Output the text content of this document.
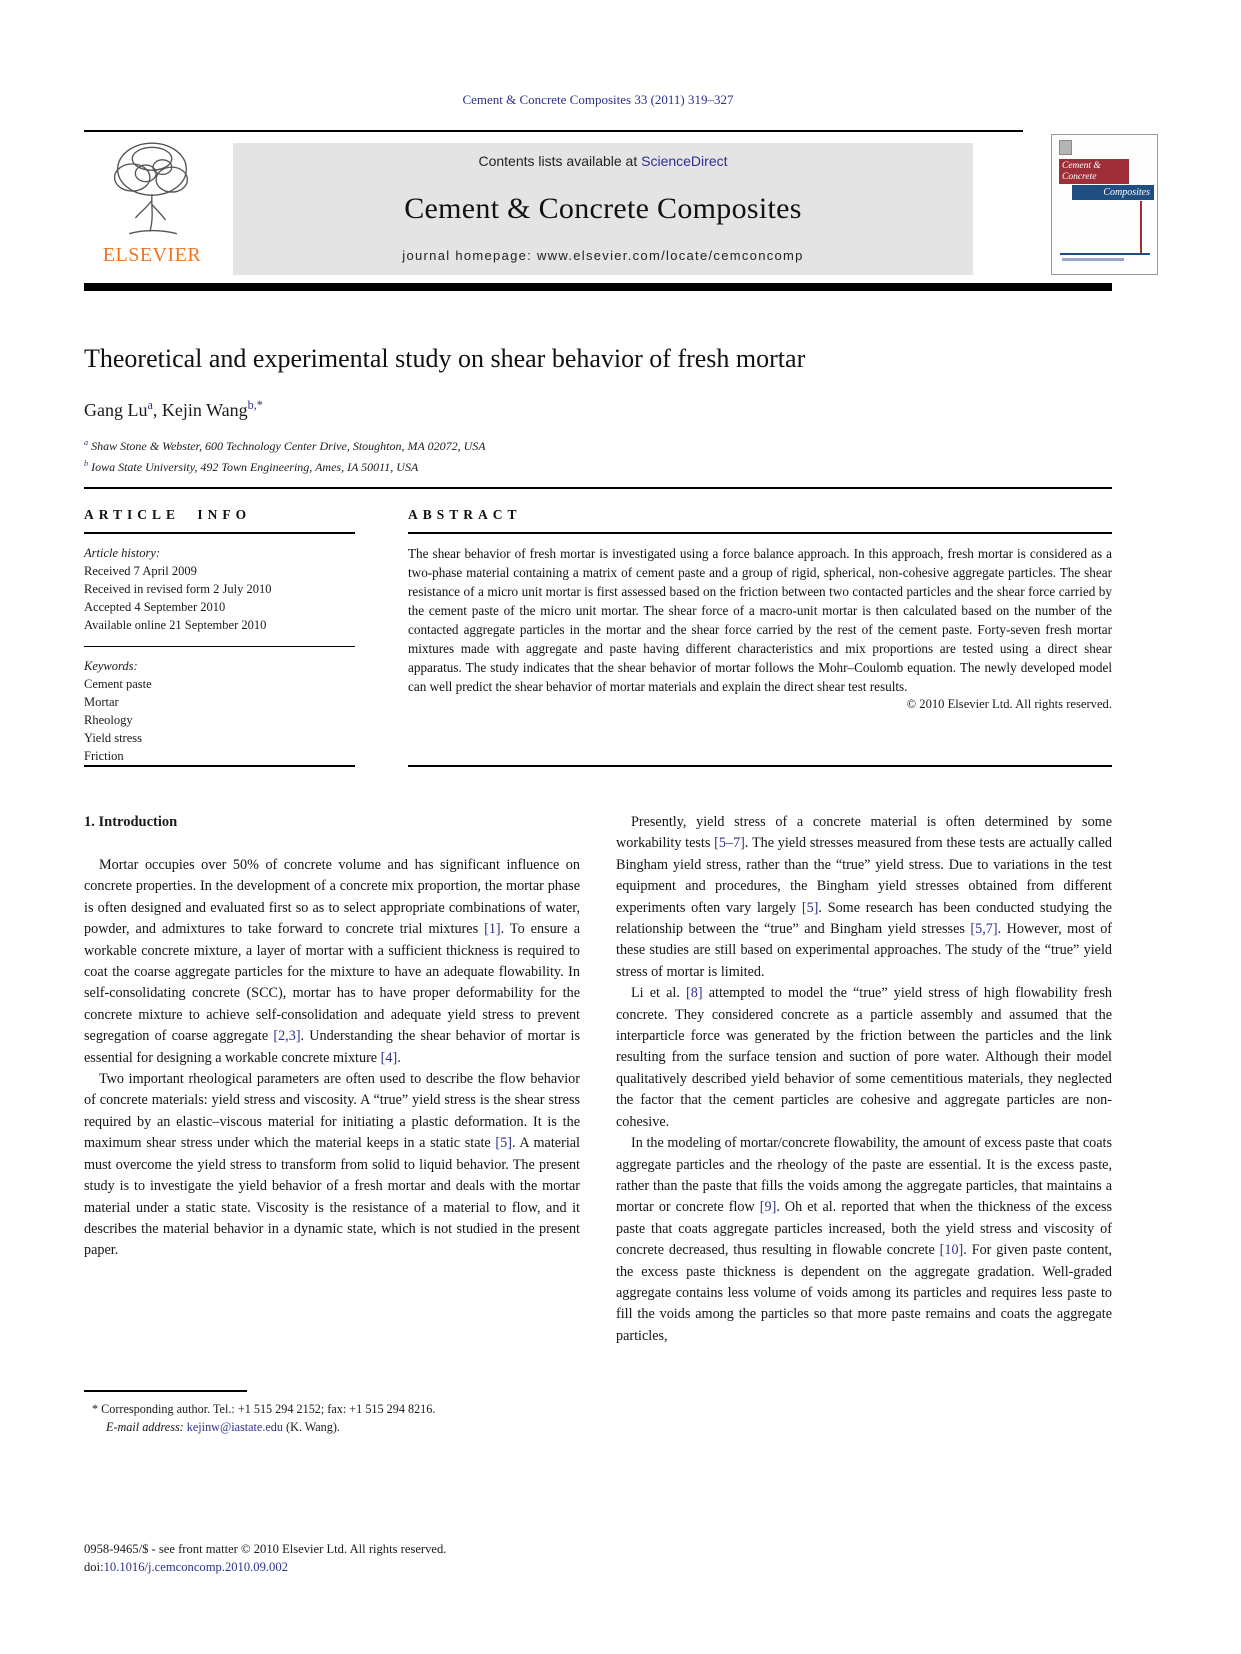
Cement & Concrete Composites 33 (2011) 319–327
ELSEVIER
Contents lists available at ScienceDirect
Cement & Concrete Composites
journal homepage: www.elsevier.com/locate/cemconcomp
Cement &
Concrete
Composites
Theoretical and experimental study on shear behavior of fresh mortar
Gang Lu$^a$, Kejin Wang$^{b,*}$
$^a$ Shaw Stone & Webster, 600 Technology Center Drive, Stoughton, MA 02072, USA
$^b$ Iowa State University, 492 Town Engineering, Ames, IA 50011, USA
ARTICLE INFO
Article history:
Received 7 April 2009
Received in revised form 2 July 2010
Accepted 4 September 2010
Available online 21 September 2010
Keywords:
Cement paste
Mortar
Rheology
Yield stress
Friction
ABSTRACT
The shear behavior of fresh mortar is investigated using a force balance approach. In this approach, fresh mortar is considered as a two-phase material containing a matrix of cement paste and a group of rigid, spherical, non-cohesive aggregate particles. The shear resistance of a micro unit mortar is first assessed based on the friction between two contacted particles and the shear force carried by the cement paste of the micro unit mortar. The shear force of a macro-unit mortar is then calculated based on the number of the contacted aggregate particles in the mortar and the shear force carried by the rest of the cement paste. Forty-seven fresh mortar mixtures made with aggregate and paste having different characteristics and mix proportions are tested using a direct shear apparatus. The study indicates that the shear behavior of mortar follows the Mohr–Coulomb equation. The newly developed model can well predict the shear behavior of mortar materials and explain the direct shear test results.
© 2010 Elsevier Ltd. All rights reserved.
1. Introduction

Mortar occupies over 50% of concrete volume and has significant influence on concrete properties. In the development of a concrete mix proportion, the mortar phase is often designed and evaluated first so as to select appropriate combinations of water, powder, and admixtures to take forward to concrete trial mixtures [1]. To ensure a workable concrete mixture, a layer of mortar with a sufficient thickness is required to coat the coarse aggregate particles for the mixture to have an adequate flowability. In self-consolidating concrete (SCC), mortar has to have proper deformability for the concrete mixture to achieve self-consolidation and adequate yield stress to prevent segregation of coarse aggregate [2,3]. Understanding the shear behavior of mortar is essential for designing a workable concrete mixture [4].

Two important rheological parameters are often used to describe the flow behavior of concrete materials: yield stress and viscosity. A “true” yield stress is the shear stress required by an elastic–viscous material for initiating a plastic deformation. It is the maximum shear stress under which the material keeps in a static state [5]. A material must overcome the yield stress to transform from solid to liquid behavior. The present study is to investigate the yield behavior of a fresh mortar and deals with the mortar material under a static state. Viscosity is the resistance of a material to flow, and it describes the material behavior in a dynamic state, which is not studied in the present paper.

Presently, yield stress of a concrete material is often determined by some workability tests [5–7]. The yield stresses measured from these tests are actually called Bingham yield stress, rather than the “true” yield stress. Due to variations in the test equipment and procedures, the Bingham yield stresses obtained from different experiments often vary largely [5]. Some research has been conducted studying the relationship between the “true” and Bingham yield stresses [5,7]. However, most of these studies are still based on experimental approaches. The study of the “true” yield stress of mortar is limited.

Li et al. [8] attempted to model the “true” yield stress of high flowability fresh concrete. They considered concrete as a particle assembly and assumed that the interparticle force was generated by the friction between the particles and the link resulting from the surface tension and suction of pore water. Although their model qualitatively described yield behavior of some cementitious materials, they neglected the factor that the cement particles are cohesive and aggregate particles are non-cohesive.

In the modeling of mortar/concrete flowability, the amount of excess paste that coats aggregate particles and the rheology of the paste are essential. It is the excess paste, rather than the paste that fills the voids among the aggregate particles, that maintains a mortar or concrete flow [9]. Oh et al. reported that when the thickness of the excess paste that coats aggregate particles increased, both the yield stress and viscosity of concrete decreased, thus resulting in flowable concrete [10]. For given paste content, the excess paste thickness is dependent on the aggregate gradation. Well-graded aggregate contains less volume of voids among its particles and requires less paste to fill the voids among the particles so that more paste remains and coats the aggregate particles,

* Corresponding author. Tel.: +1 515 294 2152; fax: +1 515 294 8216.
E-mail address: kejinw@iastate.edu (K. Wang).
0958-9465/$ - see front matter © 2010 Elsevier Ltd. All rights reserved.
doi:10.1016/j.cemconcomp.2010.09.002
